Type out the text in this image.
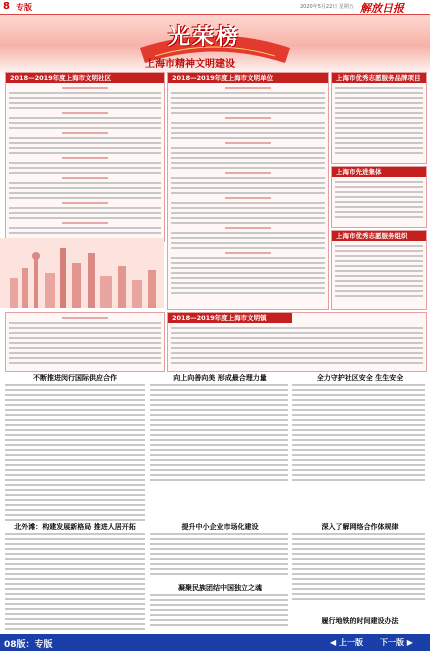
8 专版	2020年5月22日 星期五 解放日报
光荣榜
上海市精神文明建设
2018—2019年度上海市文明社区	2018—2019年度上海市文明单位	上海市优秀志愿服务品牌项目
上海市先进集体
上海市优秀志愿服务组织
2018—2019年度上海市文明镇
不断推进闵行国际供应合作	向上向善向美 形成最合理力量	全力守护社区安全 生生安全
北外滩：构建发展新格局 推进人居开拓	提升中小企业市场化建设	深入了解网络合作体规律
凝聚民族团结中国独立之魂
履行地铁的时间建设办法
08版：专版	◀ 上一版 下一版 ▶
